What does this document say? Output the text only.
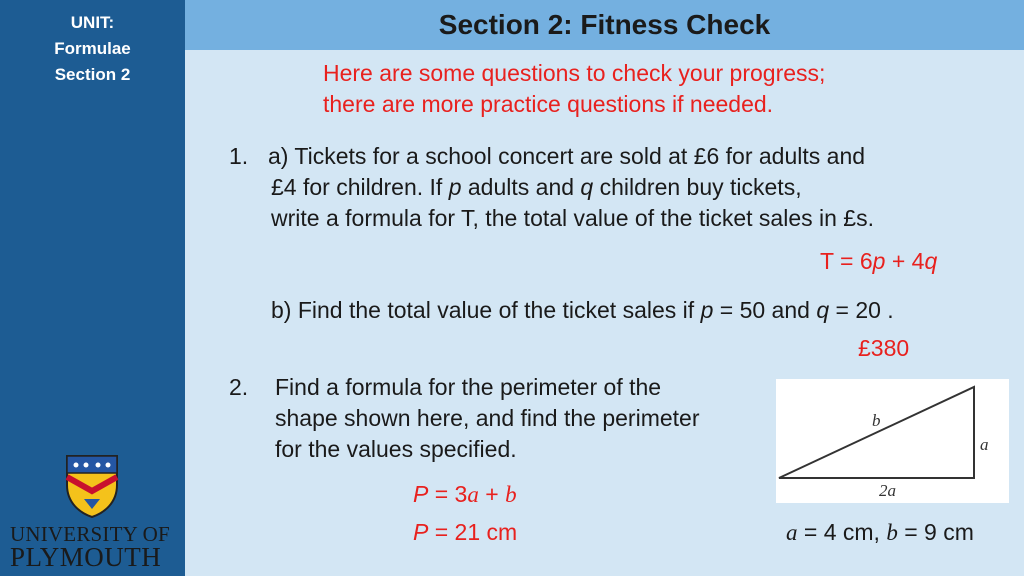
UNIT:
Formulae
Section 2
UNIVERSITY OF
PLYMOUTH
Section 2: Fitness Check
Here are some questions to check your progress;
there are more practice questions if needed.
1. a) Tickets for a school concert are sold at £6 for adults and
£4 for children. If p adults and q children buy tickets,
write a formula for T, the total value of the ticket sales in £s.
T = 6p + 4q
b) Find the total value of the ticket sales if p = 50 and q = 20 .
£380
2. Find a formula for the perimeter of the
shape shown here, and find the perimeter
for the values specified.
P = 3a + b
P = 21 cm
b
a
2a
a = 4 cm, b = 9 cm
